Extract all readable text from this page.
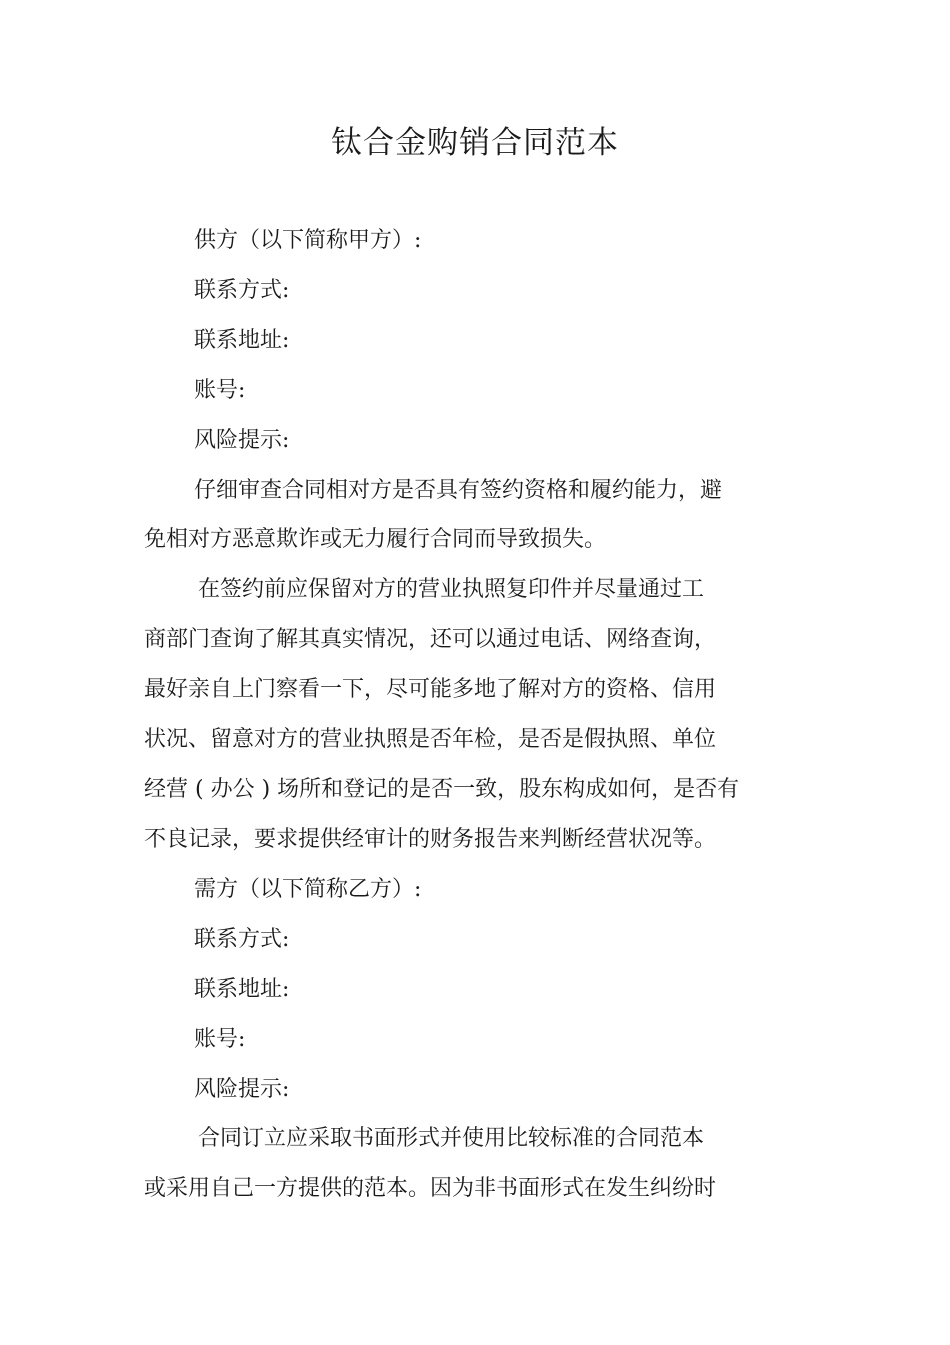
钛合金购销合同范本
供方（以下简称甲方）:
联系方式:
联系地址:
账号:
风险提示:
仔细审查合同相对方是否具有签约资格和履约能力，避
免相对方恶意欺诈或无力履行合同而导致损失。
在签约前应保留对方的营业执照复印件并尽量通过工
商部门查询了解其真实情况，还可以通过电话、网络查询，
最好亲自上门察看一下，尽可能多地了解对方的资格、信用
状况、留意对方的营业执照是否年检，是否是假执照、单位
经营 ( 办公 ) 场所和登记的是否一致，股东构成如何，是否有
不良记录，要求提供经审计的财务报告来判断经营状况等。
需方（以下简称乙方）:
联系方式:
联系地址:
账号:
风险提示:
合同订立应采取书面形式并使用比较标准的合同范本
或采用自己一方提供的范本。因为非书面形式在发生纠纷时
